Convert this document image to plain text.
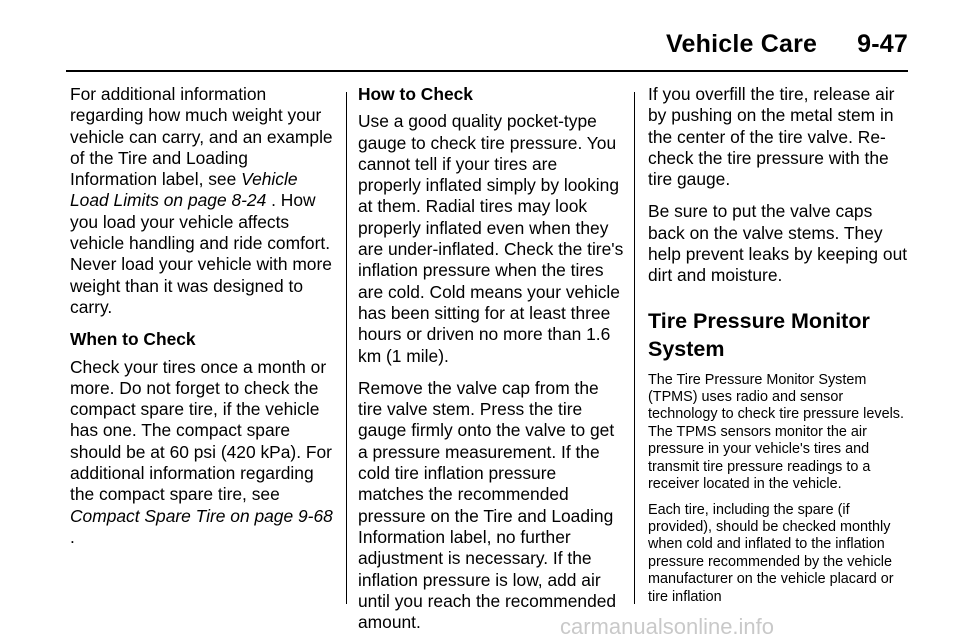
Vehicle Care 9-47

For additional information regarding how much weight your vehicle can carry, and an example of the Tire and Loading Information label, see Vehicle Load Limits on page 8-24 . How you load your vehicle affects vehicle handling and ride comfort. Never load your vehicle with more weight than it was designed to carry.

When to Check

Check your tires once a month or more. Do not forget to check the compact spare tire, if the vehicle has one. The compact spare should be at 60 psi (420 kPa). For additional information regarding the compact spare tire, see Compact Spare Tire on page 9-68 .

How to Check

Use a good quality pocket-type gauge to check tire pressure. You cannot tell if your tires are properly inflated simply by looking at them. Radial tires may look properly inflated even when they are under-inflated. Check the tire's inflation pressure when the tires are cold. Cold means your vehicle has been sitting for at least three hours or driven no more than 1.6 km (1 mile).

Remove the valve cap from the tire valve stem. Press the tire gauge firmly onto the valve to get a pressure measurement. If the cold tire inflation pressure matches the recommended pressure on the Tire and Loading Information label, no further adjustment is necessary. If the inflation pressure is low, add air until you reach the recommended amount.

If you overfill the tire, release air by pushing on the metal stem in the center of the tire valve. Re-check the tire pressure with the tire gauge.

Be sure to put the valve caps back on the valve stems. They help prevent leaks by keeping out dirt and moisture.

Tire Pressure Monitor System

The Tire Pressure Monitor System (TPMS) uses radio and sensor technology to check tire pressure levels. The TPMS sensors monitor the air pressure in your vehicle's tires and transmit tire pressure readings to a receiver located in the vehicle.

Each tire, including the spare (if provided), should be checked monthly when cold and inflated to the inflation pressure recommended by the vehicle manufacturer on the vehicle placard or tire inflation

carmanualsonline.info
